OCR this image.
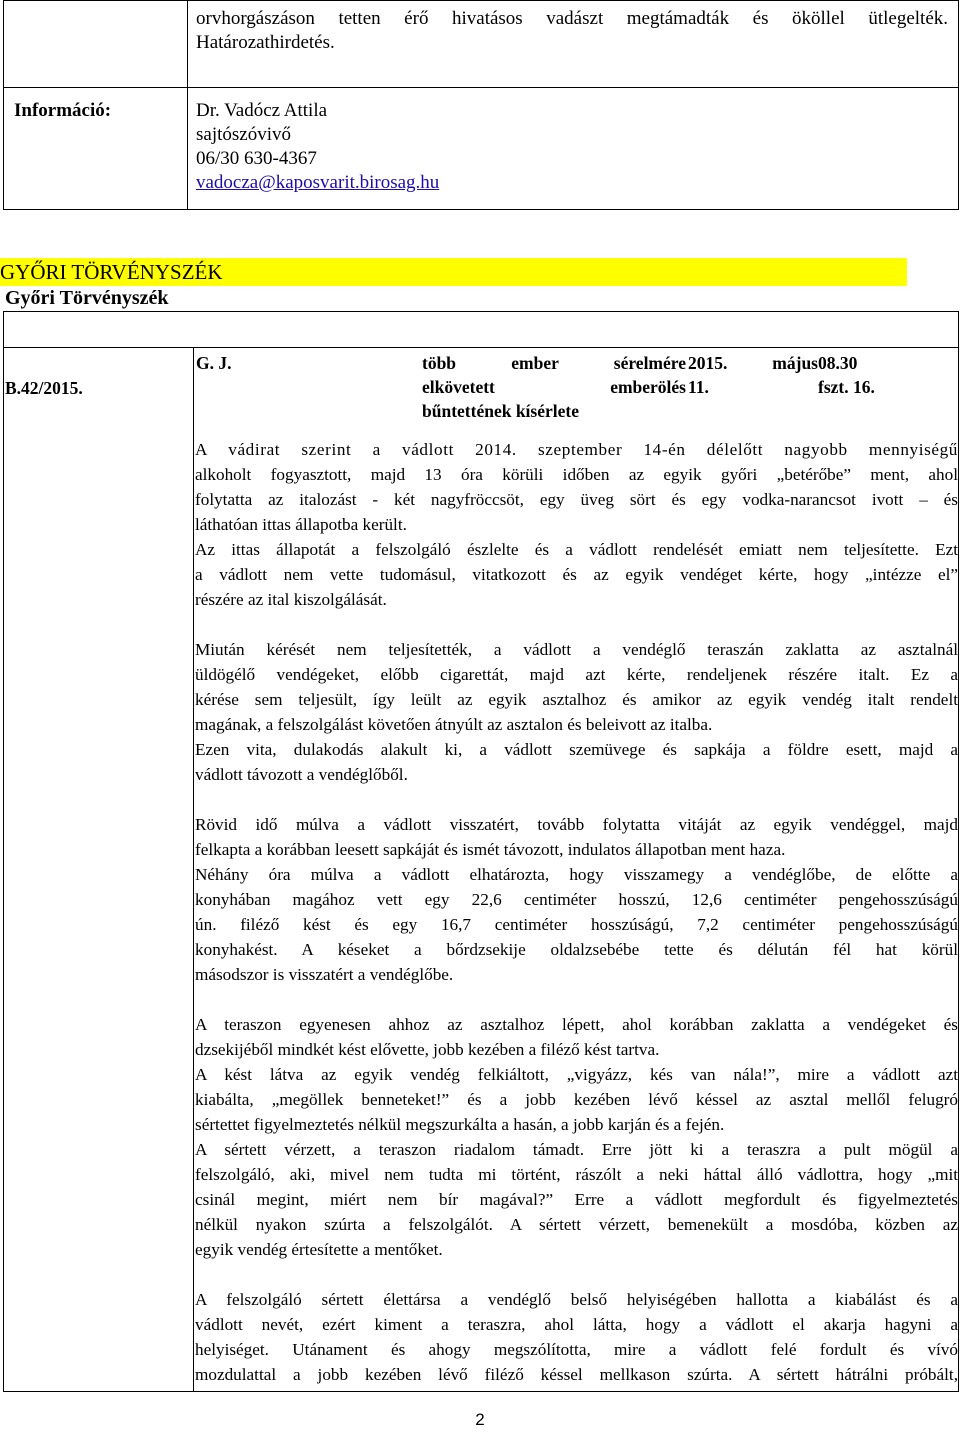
orvhorgászáson tetten érő hivatásos vadászt megtámadták és ököllel ütlegelték.

Határozathirdetés.

Információ:	Dr. Vadócz Attila

sajtószóvivő

06/30 630-4367

vadocza@kaposvarit.birosag.hu

GYŐRI TÖRVÉNYSZÉK
Győri Törvényszék
B.42/2015.
G. J.	több ember sérelmére

elkövetett emberölés

bűntettének kísérlete

2015. május

11.

08.30

fszt. 16.

A vádirat szerint a vádlott 2014. szeptember 14-én délelőtt nagyobb mennyiségű

alkoholt fogyasztott, majd 13 óra körüli időben az egyik győri „betérőbe” ment, ahol

folytatta az italozást - két nagyfröccsöt, egy üveg sört és egy vodka-narancsot ivott – és

láthatóan ittas állapotba került.

Az ittas állapotát a felszolgáló észlelte és a vádlott rendelését emiatt nem teljesítette. Ezt

a vádlott nem vette tudomásul, vitatkozott és az egyik vendéget kérte, hogy „intézze el”

részére az ital kiszolgálását.

Miután kérését nem teljesítették, a vádlott a vendéglő teraszán zaklatta az asztalnál

üldögélő vendégeket, előbb cigarettát, majd azt kérte, rendeljenek részére italt. Ez a

kérése sem teljesült, így leült az egyik asztalhoz és amikor az egyik vendég italt rendelt

magának, a felszolgálást követően átnyúlt az asztalon és beleivott az italba.

Ezen vita, dulakodás alakult ki, a vádlott szemüvege és sapkája a földre esett, majd a

vádlott távozott a vendéglőből.

Rövid idő múlva a vádlott visszatért, tovább folytatta vitáját az egyik vendéggel, majd

felkapta a korábban leesett sapkáját és ismét távozott, indulatos állapotban ment haza.

Néhány óra múlva a vádlott elhatározta, hogy visszamegy a vendéglőbe, de előtte a

konyhában magához vett egy 22,6 centiméter hosszú, 12,6 centiméter pengehosszúságú

ún. filéző kést és egy 16,7 centiméter hosszúságú, 7,2 centiméter pengehosszúságú

konyhakést. A késeket a bőrdzsekije oldalzsebébe tette és délután fél hat körül

másodszor is visszatért a vendéglőbe.

A teraszon egyenesen ahhoz az asztalhoz lépett, ahol korábban zaklatta a vendégeket és

dzsekijéből mindkét kést elővette, jobb kezében a filéző kést tartva.

A kést látva az egyik vendég felkiáltott, „vigyázz, kés van nála!”, mire a vádlott azt

kiabálta, „megöllek benneteket!” és a jobb kezében lévő késsel az asztal mellől felugró

sértettet figyelmeztetés nélkül megszurkálta a hasán, a jobb karján és a fején.

A sértett vérzett, a teraszon riadalom támadt. Erre jött ki a teraszra a pult mögül a

felszolgáló, aki, mivel nem tudta mi történt, rászólt a neki háttal álló vádlottra, hogy „mit

csinál megint, miért nem bír magával?” Erre a vádlott megfordult és figyelmeztetés

nélkül nyakon szúrta a felszolgálót. A sértett vérzett, bemenekült a mosdóba, közben az

egyik vendég értesítette a mentőket.

A felszolgáló sértett élettársa a vendéglő belső helyiségében hallotta a kiabálást és a

vádlott nevét, ezért kiment a teraszra, ahol látta, hogy a vádlott el akarja hagyni a

helyiséget. Utánament és ahogy megszólította, mire a vádlott felé fordult és vívó

mozdulattal a jobb kezében lévő filéző késsel mellkason szúrta. A sértett hátrálni próbált,

2
